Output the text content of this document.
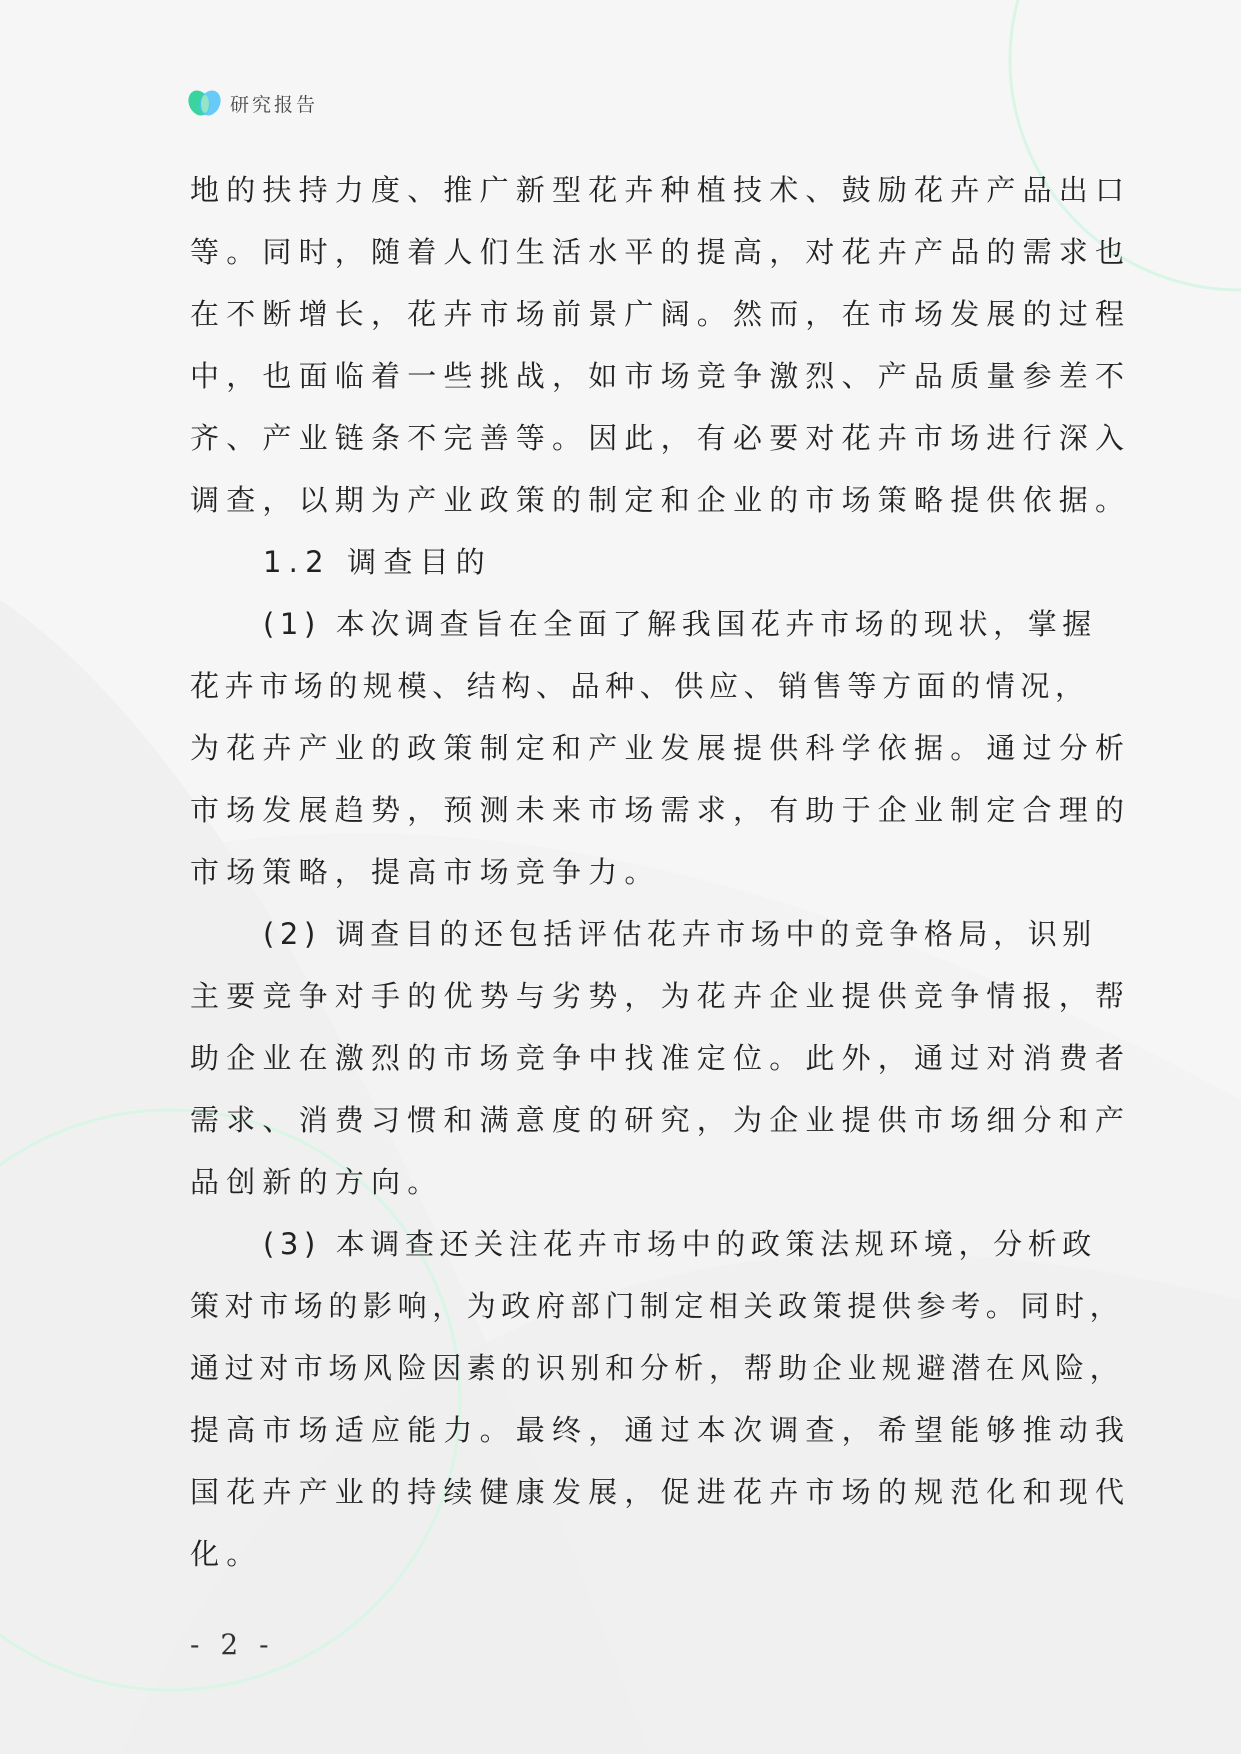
研究报告
地的扶持力度、推广新型花卉种植技术、鼓励花卉产品出口
等。同时，随着人们生活水平的提高，对花卉产品的需求也
在不断增长，花卉市场前景广阔。然而，在市场发展的过程
中，也面临着一些挑战，如市场竞争激烈、产品质量参差不
齐、产业链条不完善等。因此，有必要对花卉市场进行深入
调查，以期为产业政策的制定和企业的市场策略提供依据。
1.2 调查目的
(1) 本次调查旨在全面了解我国花卉市场的现状，掌握
花卉市场的规模、结构、品种、供应、销售等方面的情况，
为花卉产业的政策制定和产业发展提供科学依据。通过分析
市场发展趋势，预测未来市场需求，有助于企业制定合理的
市场策略，提高市场竞争力。
(2) 调查目的还包括评估花卉市场中的竞争格局，识别
主要竞争对手的优势与劣势，为花卉企业提供竞争情报，帮
助企业在激烈的市场竞争中找准定位。此外，通过对消费者
需求、消费习惯和满意度的研究，为企业提供市场细分和产
品创新的方向。
(3) 本调查还关注花卉市场中的政策法规环境，分析政
策对市场的影响，为政府部门制定相关政策提供参考。同时，
通过对市场风险因素的识别和分析，帮助企业规避潜在风险，
提高市场适应能力。最终，通过本次调查，希望能够推动我
国花卉产业的持续健康发展，促进花卉市场的规范化和现代
化。
- 2 -
